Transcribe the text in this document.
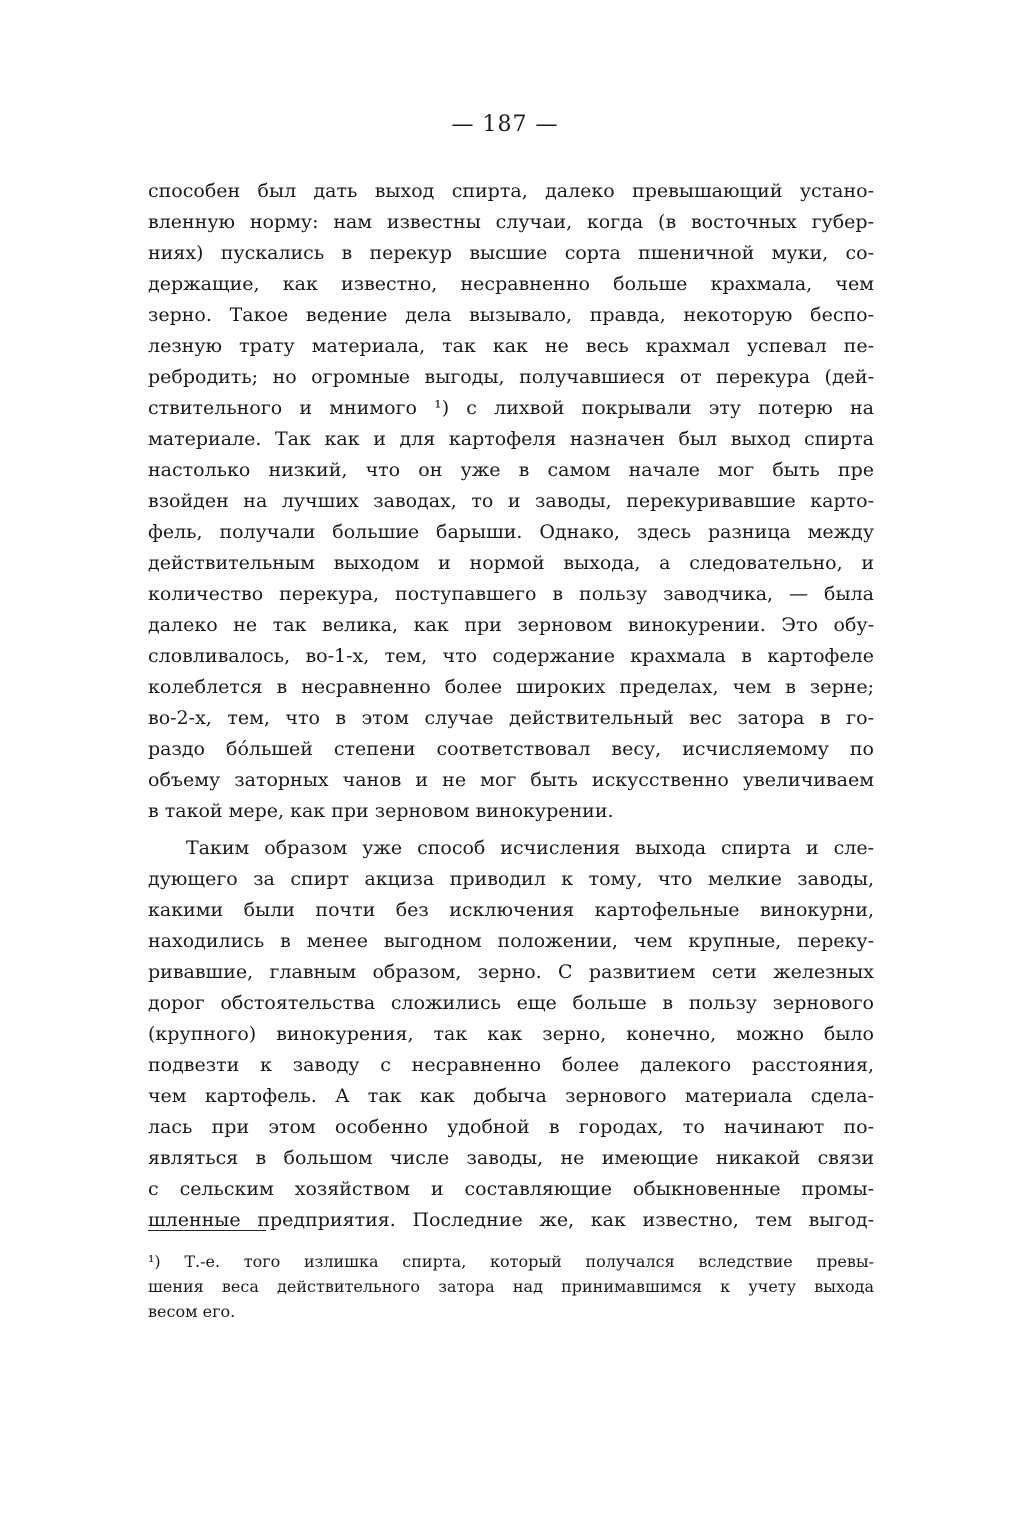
— 187 —
способен был дать выход спирта, далеко превышающий устано-
вленную норму: нам известны случаи, когда (в восточных губер-
ниях) пускались в перекур высшие сорта пшеничной муки, со-
держащие, как известно, несравненно больше крахмала, чем
зерно. Такое ведение дела вызывало, правда, некоторую беспо-
лезную трату материала, так как не весь крахмал успевал пе-
ребродить; но огромные выгоды, получавшиеся от перекура (дей-
ствительного и мнимого ¹) с лихвой покрывали эту потерю на
материале. Так как и для картофеля назначен был выход спирта
настолько низкий, что он уже в самом начале мог быть пре
взойден на лучших заводах, то и заводы, перекуривавшие карто-
фель, получали большие барыши. Однако, здесь разница между
действительным выходом и нормой выхода, а следовательно, и
количество перекура, поступавшего в пользу заводчика, — была
далеко не так велика, как при зерновом винокурении. Это обу-
словливалось, во-1-х, тем, что содержание крахмала в картофеле
колеблется в несравненно более широких пределах, чем в зерне;
во-2-х, тем, что в этом случае действительный вес затора в го-
раздо бо́льшей степени соответствовал весу, исчисляемому по
объему заторных чанов и не мог быть искусственно увеличиваем
в такой мере, как при зерновом винокурении.
Таким образом уже способ исчисления выхода спирта и сле-
дующего за спирт акциза приводил к тому, что мелкие заводы,
какими были почти без исключения картофельные винокурни,
находились в менее выгодном положении, чем крупные, переку-
ривавшие, главным образом, зерно. С развитием сети железных
дорог обстоятельства сложились еще больше в пользу зернового
(крупного) винокурения, так как зерно, конечно, можно было
подвезти к заводу с несравненно более далекого расстояния,
чем картофель. А так как добыча зернового материала сдела-
лась при этом особенно удобной в городах, то начинают по-
являться в большом числе заводы, не имеющие никакой связи
с сельским хозяйством и составляющие обыкновенные промы-
шленные предприятия. Последние же, как известно, тем выгод-
¹) Т.-е. того излишка спирта, который получался вследствие превы-
шения веса действительного затора над принимавшимся к учету выхода
весом его.
